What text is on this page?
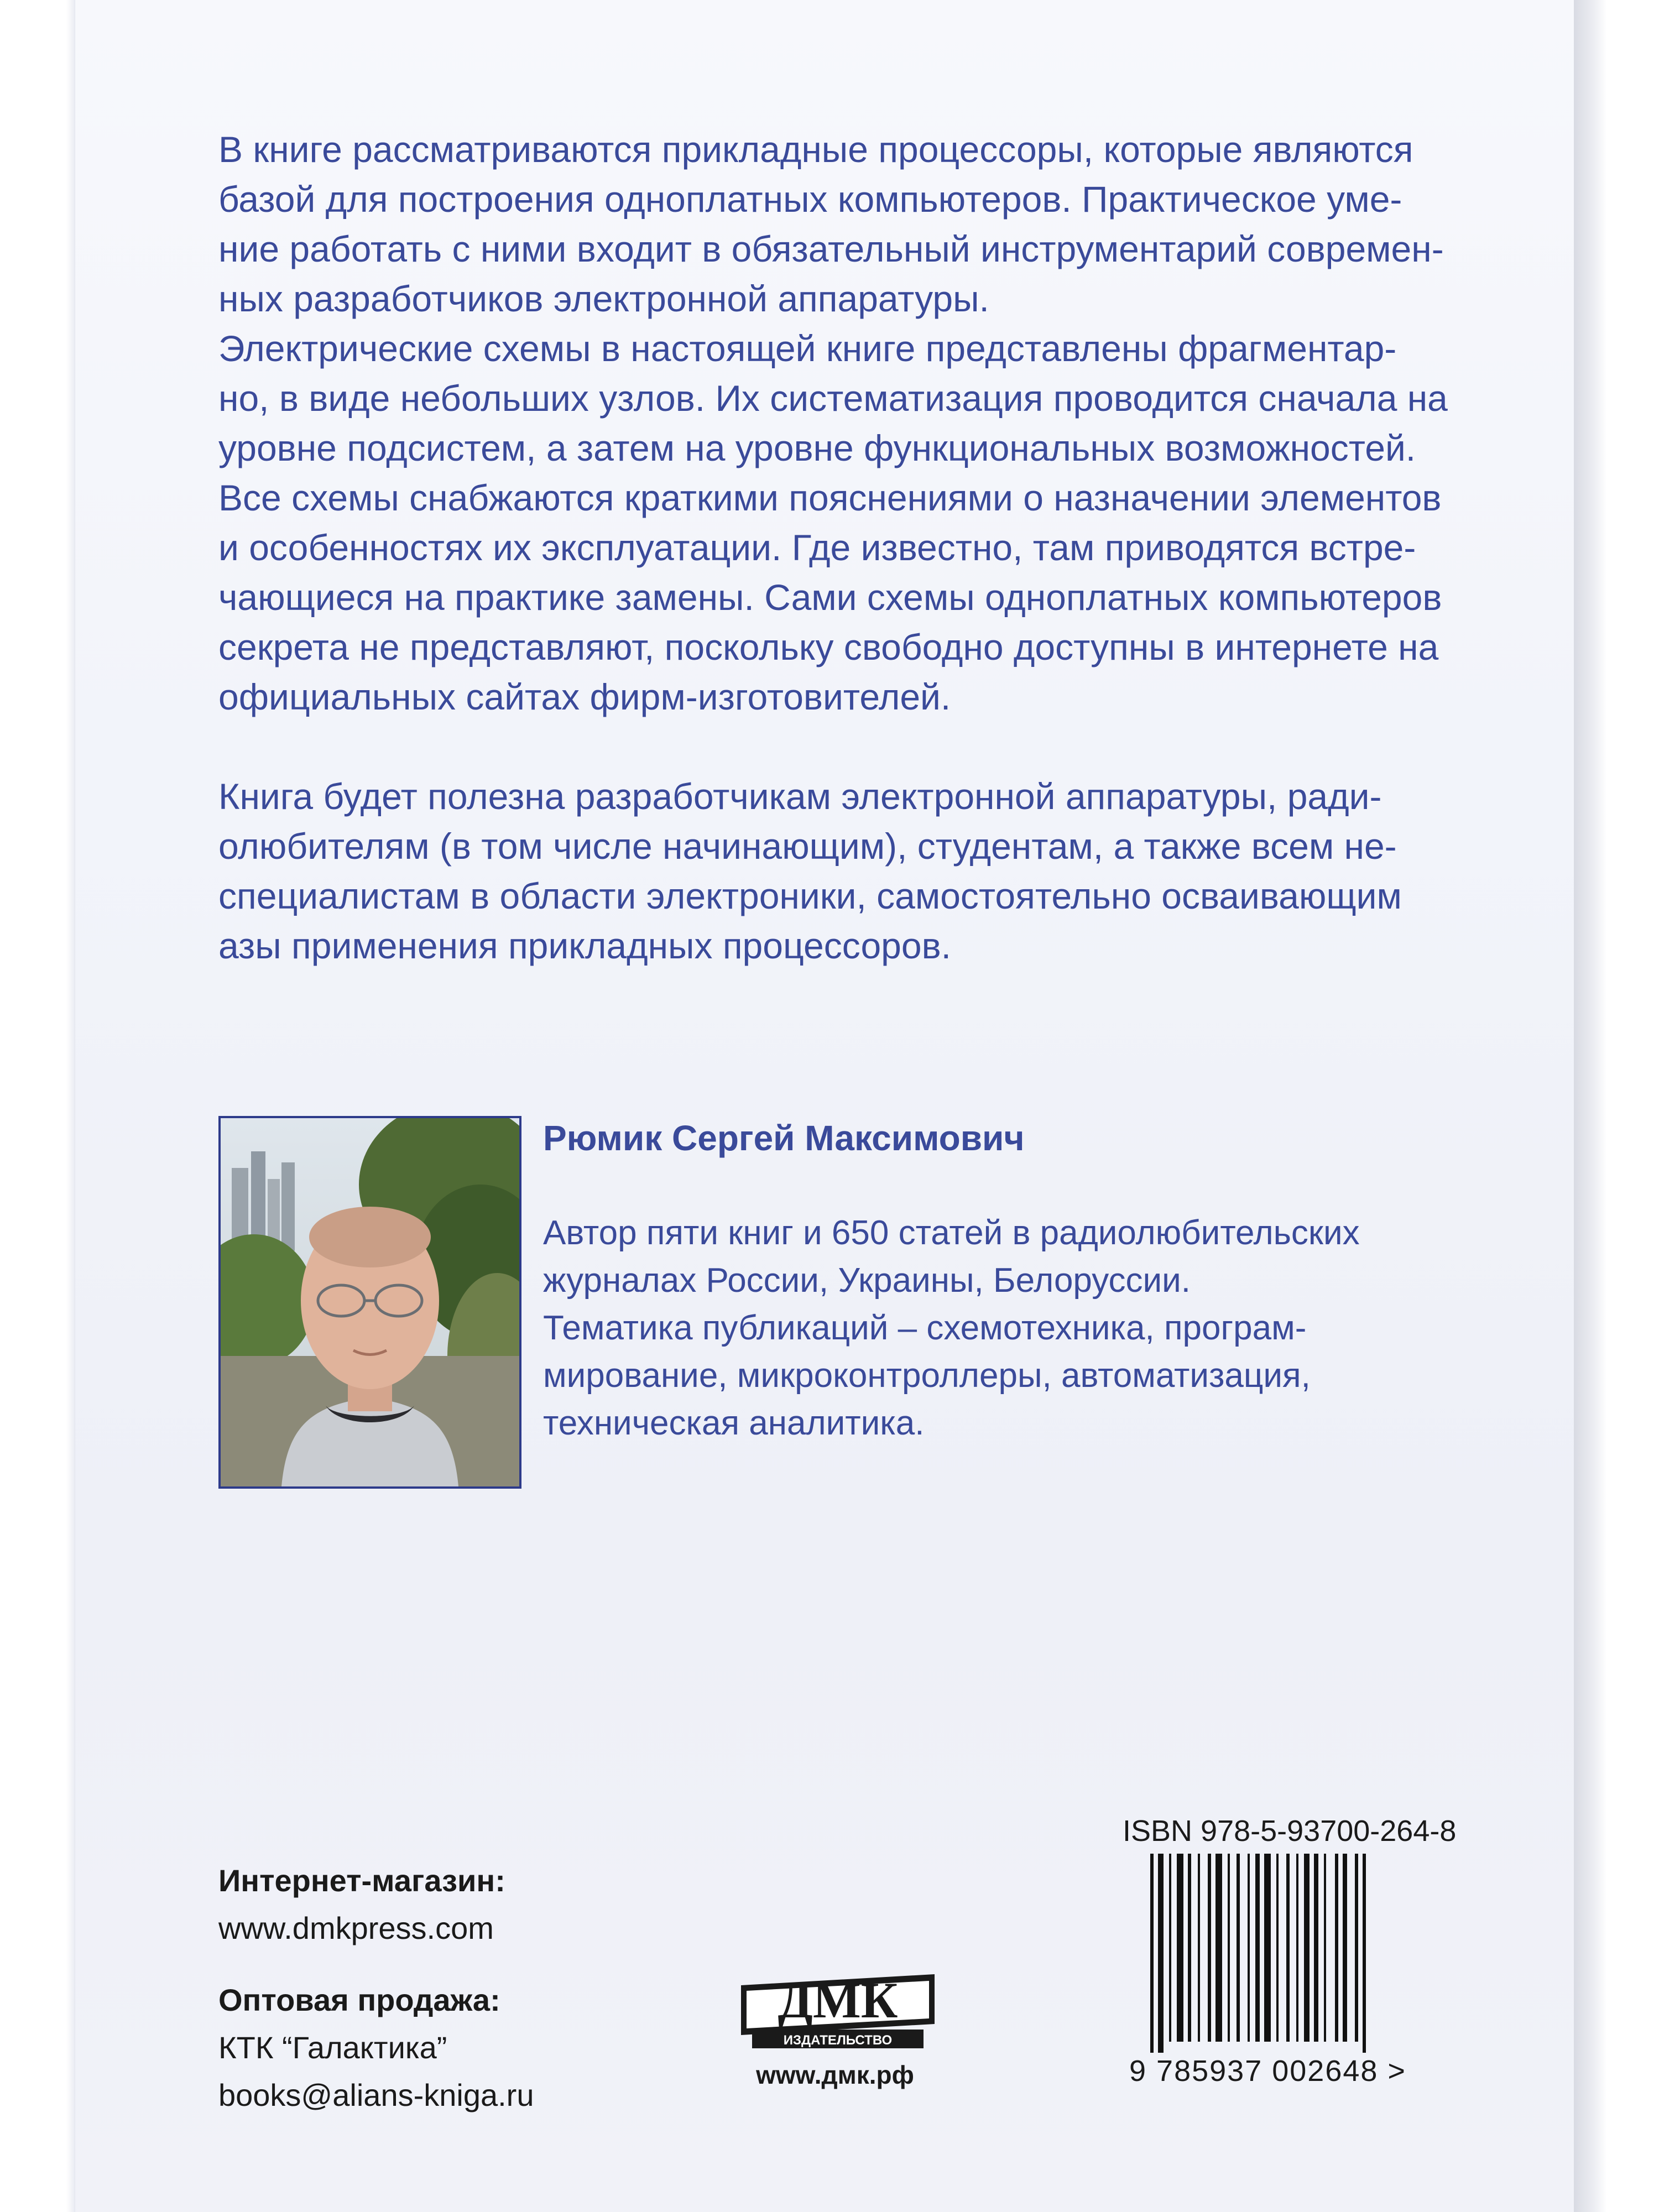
В книге рассматриваются прикладные процессоры, которые являются

базой для построения одноплатных компьютеров. Практическое уме-

ние работать с ними входит в обязательный инструментарий современ-

ных разработчиков электронной аппаратуры.

Электрические схемы в настоящей книге представлены фрагментар-

но, в виде небольших узлов. Их систематизация проводится сначала на

уровне подсистем, а затем на уровне функциональных возможностей.

Все схемы снабжаются краткими пояснениями о назначении элементов

и особенностях их эксплуатации. Где известно, там приводятся встре-

чающиеся на практике замены. Сами схемы одноплатных компьютеров

секрета не представляют, поскольку свободно доступны в интернете на

официальных сайтах фирм-изготовителей.

Книга будет полезна разработчикам электронной аппаратуры, ради-

олюбителям (в том числе начинающим), студентам, а также всем не-

специалистам в области электроники, самостоятельно осваивающим

азы применения прикладных процессоров.

Рюмик Сергей Максимович
Автор пяти книг и 650 статей в радиолюбительских
журналах России, Украины, Белоруссии.
Тематика публикаций – схемотехника, програм-
мирование, микроконтроллеры, автоматизация,
техническая аналитика.
Интернет-магазин:
www.dmkpress.com
Оптовая продажа:
КТК “Галактика”
books@alians-kniga.ru
ДМК
ИЗДАТЕЛЬСТВО
www.дмк.рф
ISBN 978-5-93700-264-8
9 785937 002648 >
